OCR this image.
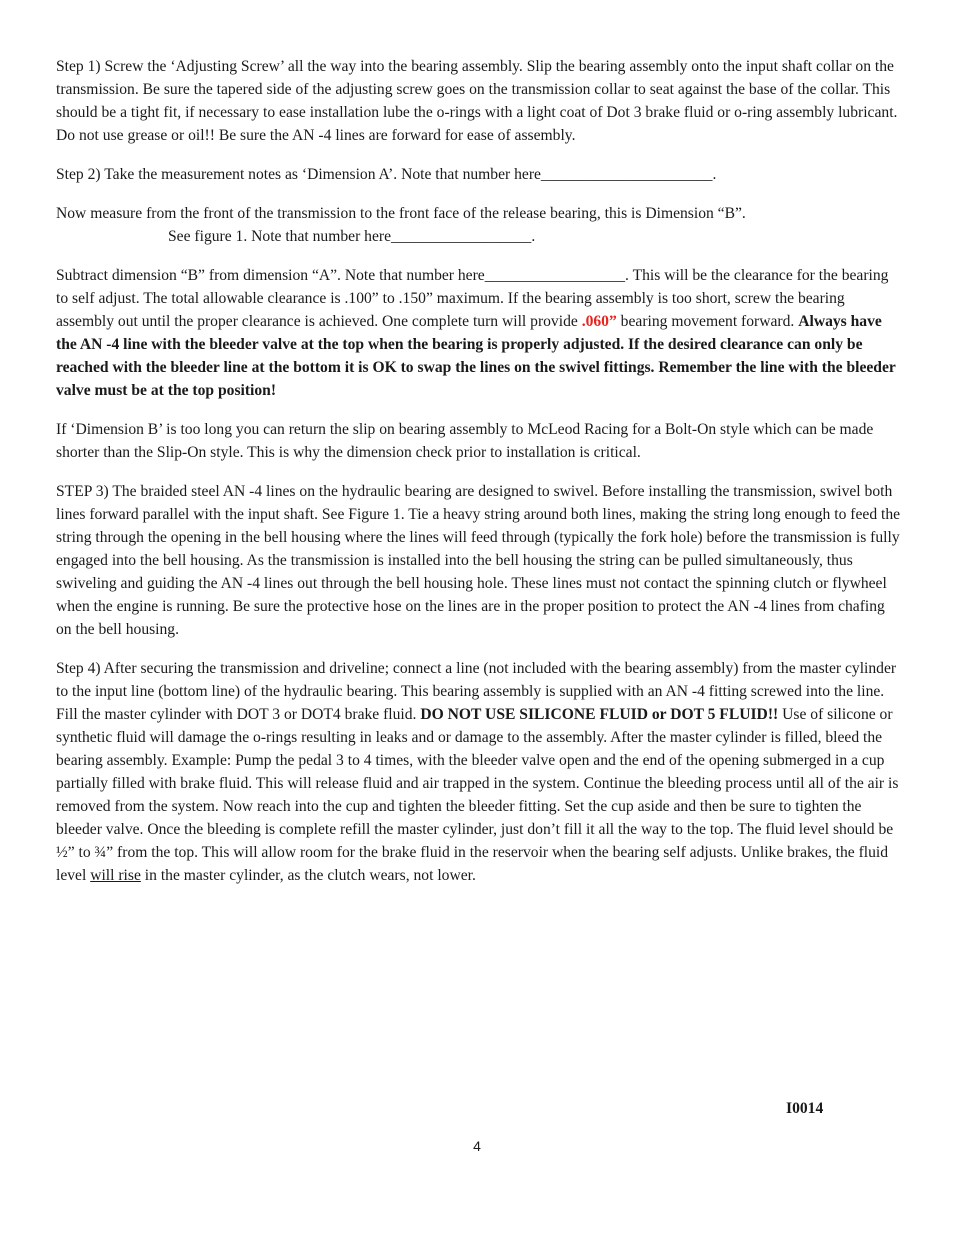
Step 1) Screw the ‘Adjusting Screw’ all the way into the bearing assembly. Slip the bearing assembly onto the input shaft collar on the transmission. Be sure the tapered side of the adjusting screw goes on the transmission collar to seat against the base of the collar. This should be a tight fit, if necessary to ease installation lube the o-rings with a light coat of Dot 3 brake fluid or o-ring assembly lubricant. Do not use grease or oil!! Be sure the AN -4 lines are forward for ease of assembly.

Step 2) Take the measurement notes as ‘Dimension A’. Note that number here______________________.

Now measure from the front of the transmission to the front face of the release bearing, this is Dimension “B”.
See figure 1. Note that number here__________________.

Subtract dimension “B” from dimension “A”. Note that number here__________________. This will be the clearance for the bearing to self adjust. The total allowable clearance is .100” to .150” maximum. If the bearing assembly is too short, screw the bearing assembly out until the proper clearance is achieved. One complete turn will provide .060” bearing movement forward. Always have the AN -4 line with the bleeder valve at the top when the bearing is properly adjusted. If the desired clearance can only be reached with the bleeder line at the bottom it is OK to swap the lines on the swivel fittings. Remember the line with the bleeder valve must be at the top position!

If ‘Dimension B’ is too long you can return the slip on bearing assembly to McLeod Racing for a Bolt-On style which can be made shorter than the Slip-On style. This is why the dimension check prior to installation is critical.

STEP 3) The braided steel AN -4 lines on the hydraulic bearing are designed to swivel. Before installing the transmission, swivel both lines forward parallel with the input shaft. See Figure 1. Tie a heavy string around both lines, making the string long enough to feed the string through the opening in the bell housing where the lines will feed through (typically the fork hole) before the transmission is fully engaged into the bell housing. As the transmission is installed into the bell housing the string can be pulled simultaneously, thus swiveling and guiding the AN -4 lines out through the bell housing hole. These lines must not contact the spinning clutch or flywheel when the engine is running. Be sure the protective hose on the lines are in the proper position to protect the AN -4 lines from chafing on the bell housing.

Step 4) After securing the transmission and driveline; connect a line (not included with the bearing assembly) from the master cylinder to the input line (bottom line) of the hydraulic bearing. This bearing assembly is supplied with an AN -4 fitting screwed into the line. Fill the master cylinder with DOT 3 or DOT4 brake fluid. DO NOT USE SILICONE FLUID or DOT 5 FLUID!! Use of silicone or synthetic fluid will damage the o-rings resulting in leaks and or damage to the assembly. After the master cylinder is filled, bleed the bearing assembly. Example: Pump the pedal 3 to 4 times, with the bleeder valve open and the end of the opening submerged in a cup partially filled with brake fluid. This will release fluid and air trapped in the system. Continue the bleeding process until all of the air is removed from the system. Now reach into the cup and tighten the bleeder fitting. Set the cup aside and then be sure to tighten the bleeder valve. Once the bleeding is complete refill the master cylinder, just don’t fill it all the way to the top. The fluid level should be ½” to ¾” from the top. This will allow room for the brake fluid in the reservoir when the bearing self adjusts. Unlike brakes, the fluid level will rise in the master cylinder, as the clutch wears, not lower.

I0014
4
